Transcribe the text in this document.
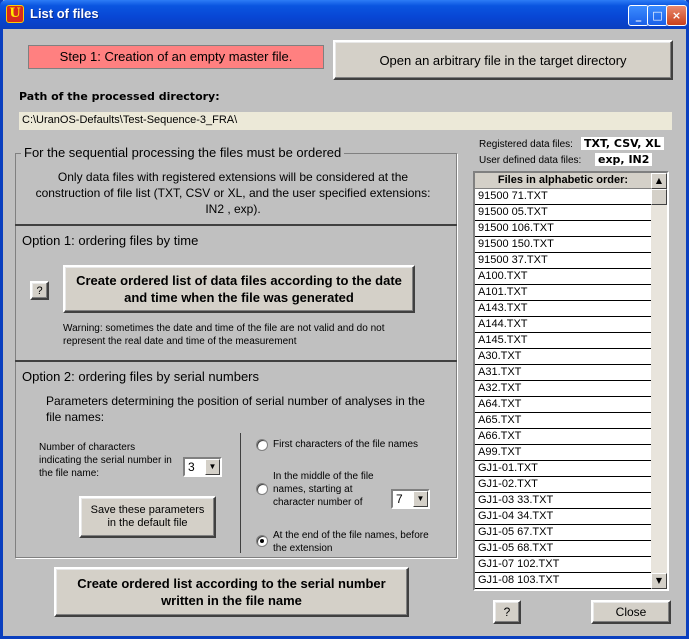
U List of files	_	□ ×
Step 1: Creation of an empty master file.	Open an arbitrary file in the target directory
Path of the processed directory:
C:\UranOS-Defaults\Test-Sequence-3_FRA\
For the sequential processing the files must be ordered
Only data files with registered extensions will be considered at the construction of file list (TXT, CSV or XL, and the user specified extensions: IN2 , exp).
Option 1: ordering files by time
?
Create ordered list of data files according to the date and time when the file was generated
Warning: sometimes the date and time of the file are not valid and do not represent the real date and time of the measurement
Option 2: ordering files by serial numbers
Parameters determining the position of serial number of analyses in the file names:
Number of characters indicating the serial number in the file name:	3	▼
Save these parameters in the default file
First characters of the file names
In the middle of the file names, starting at character number of	7	▼
At the end of the file names, before the extension
Create ordered list according to the serial number written in the file name
Registered data files: TXT, CSV, XL
User defined data files: exp, IN2
Files in alphabetic order:
91500 71.TXT
91500 05.TXT
91500 106.TXT
91500 150.TXT
91500 37.TXT
A100.TXT
A101.TXT
A143.TXT
A144.TXT
A145.TXT
A30.TXT
A31.TXT
A32.TXT
A64.TXT
A65.TXT
A66.TXT
A99.TXT
GJ1-01.TXT
GJ1-02.TXT
GJ1-03 33.TXT
GJ1-04 34.TXT
GJ1-05 67.TXT
GJ1-05 68.TXT
GJ1-07 102.TXT
GJ1-08 103.TXT
▲
▼
?	Close
